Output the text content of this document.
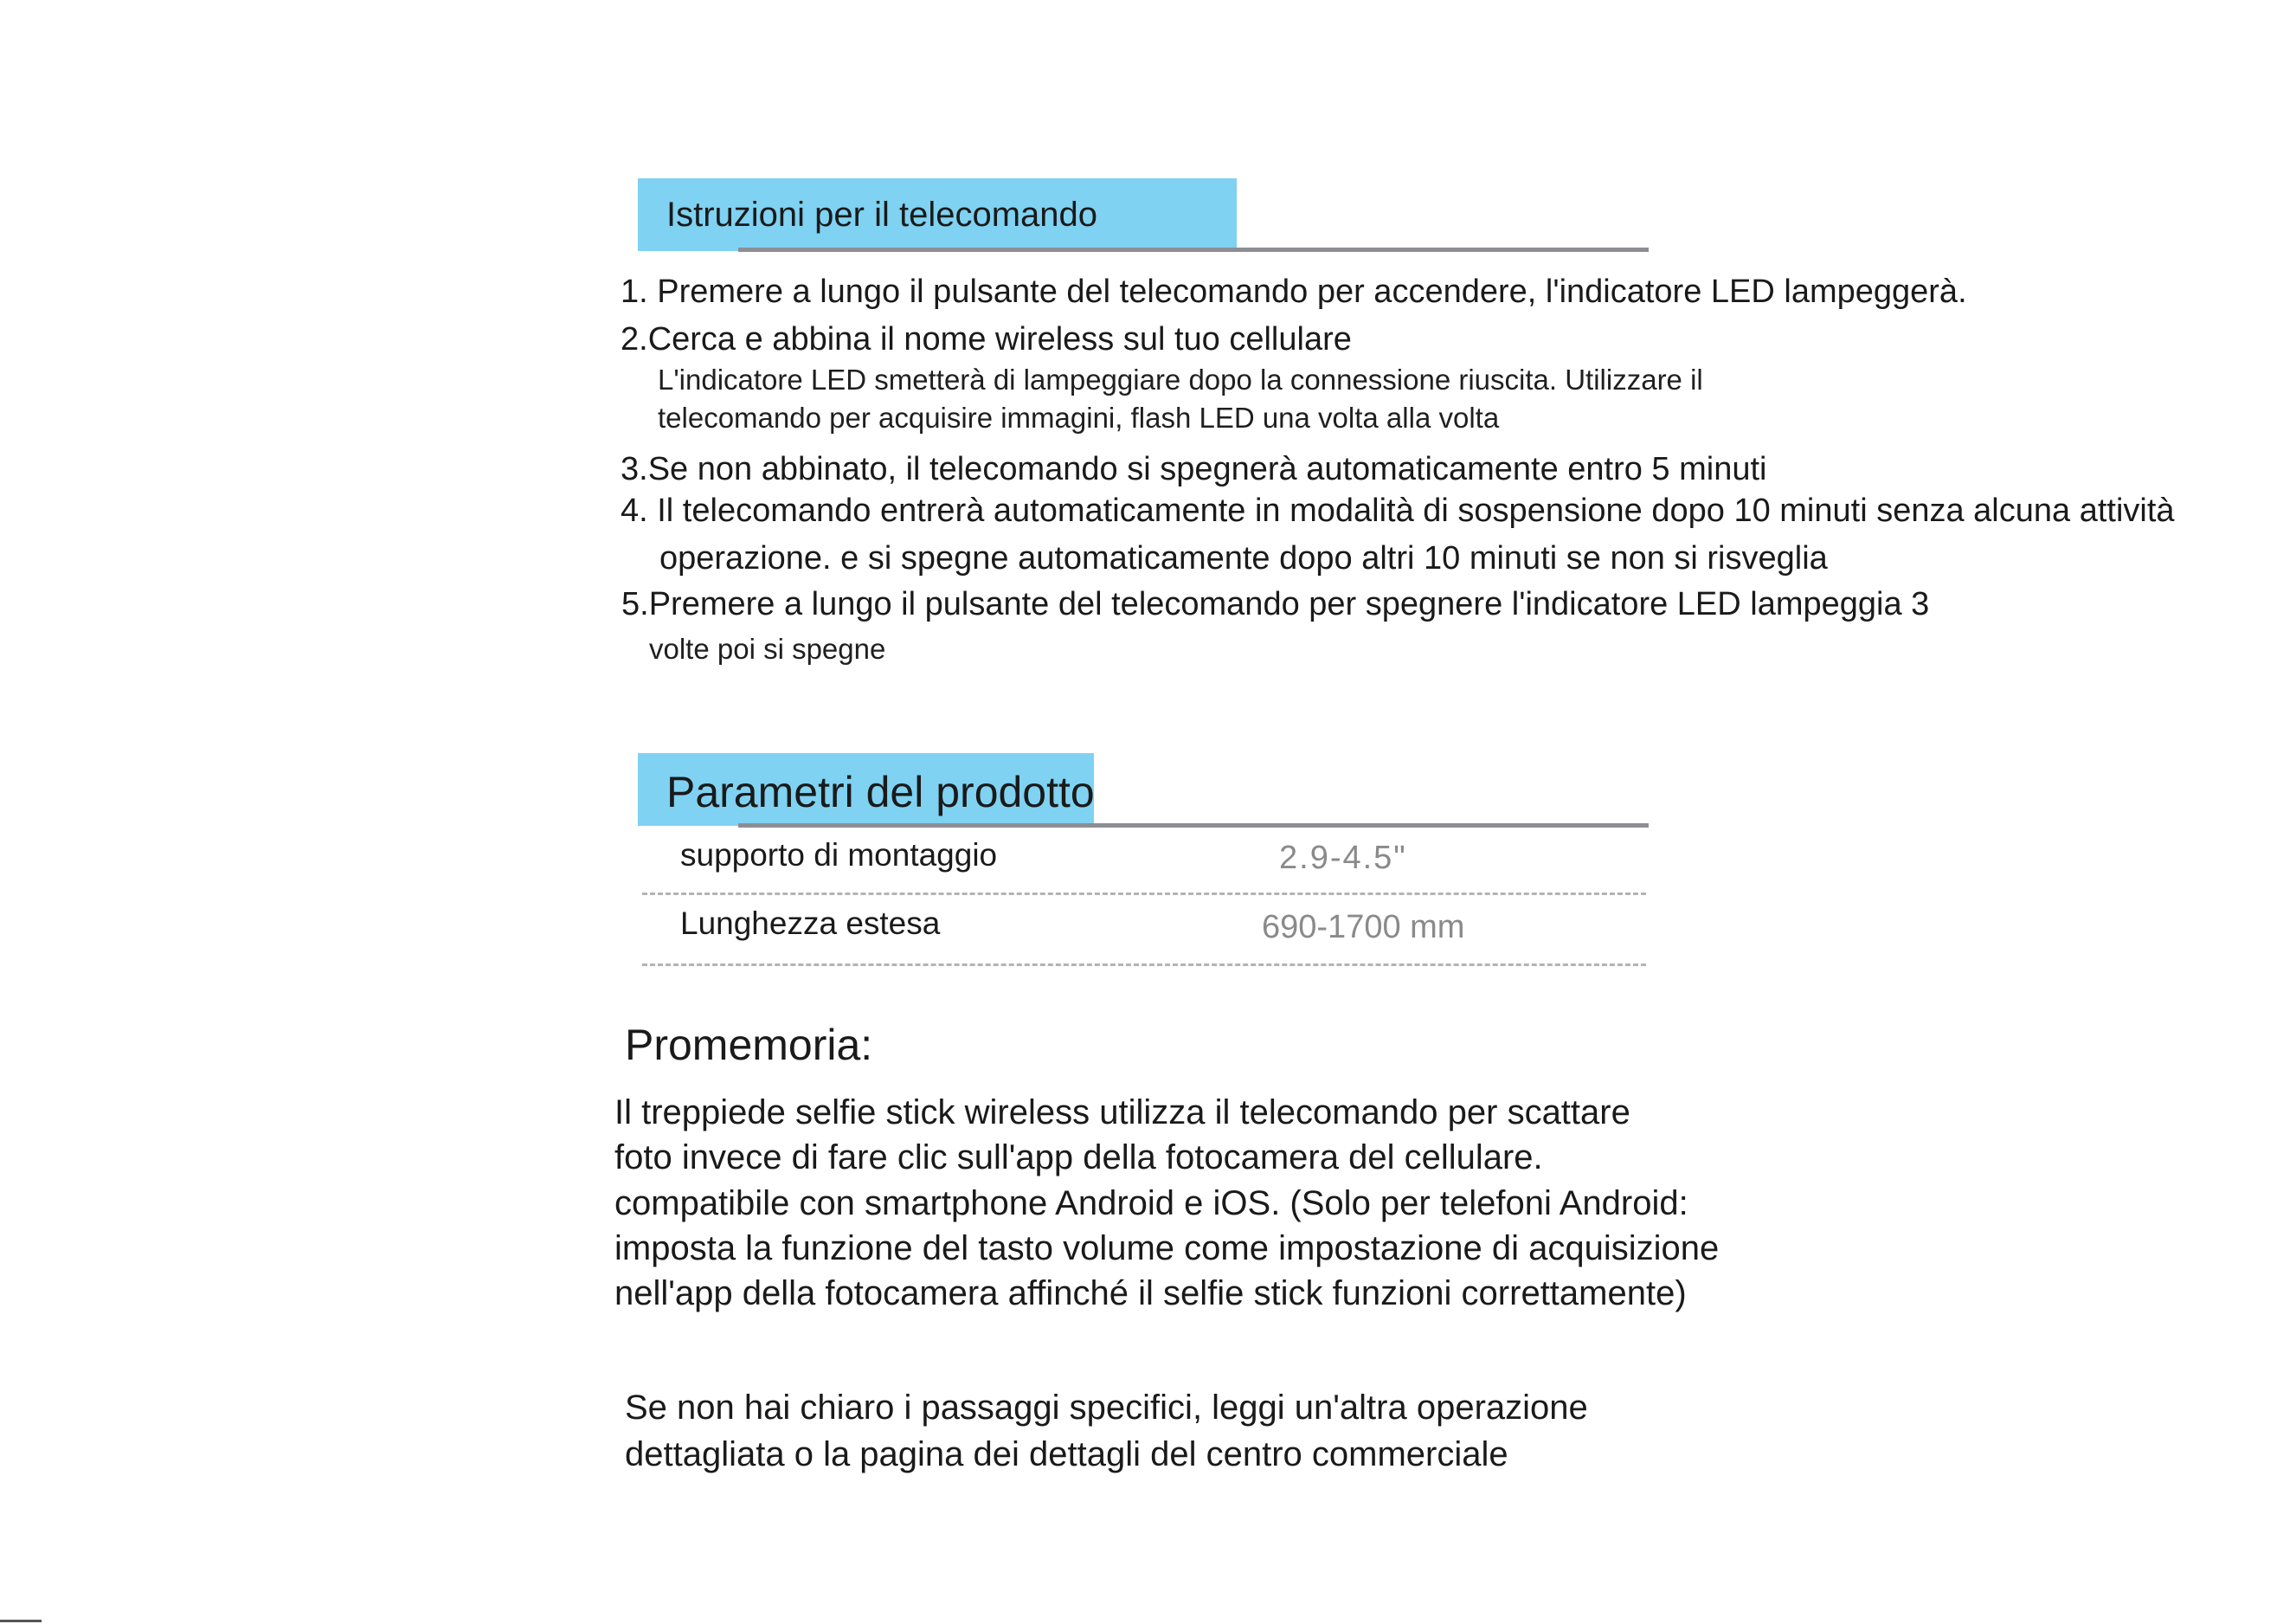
Istruzioni per il telecomando
1. Premere a lungo il pulsante del telecomando per accendere, l'indicatore LED lampeggerà.
2.Cerca e abbina il nome wireless sul tuo cellulare
L'indicatore LED smetterà di lampeggiare dopo la connessione riuscita. Utilizzare il
telecomando per acquisire immagini, flash LED una volta alla volta
3.Se non abbinato, il telecomando si spegnerà automaticamente entro 5 minuti
4. Il telecomando entrerà automaticamente in modalità di sospensione dopo 10 minuti senza alcuna attività
operazione. e si spegne automaticamente dopo altri 10 minuti se non si risveglia
5.Premere a lungo il pulsante del telecomando per spegnere l'indicatore LED lampeggia 3
volte poi si spegne
Parametri del prodotto
supporto di montaggio	2.9-4.5"
Lunghezza estesa	690-1700 mm
Promemoria:
Il treppiede selfie stick wireless utilizza il telecomando per scattare
foto invece di fare clic sull'app della fotocamera del cellulare.
compatibile con smartphone Android e iOS. (Solo per telefoni Android:
imposta la funzione del tasto volume come impostazione di acquisizione
nell'app della fotocamera affinché il selfie stick funzioni correttamente)
Se non hai chiaro i passaggi specifici, leggi un'altra operazione
dettagliata o la pagina dei dettagli del centro commerciale
